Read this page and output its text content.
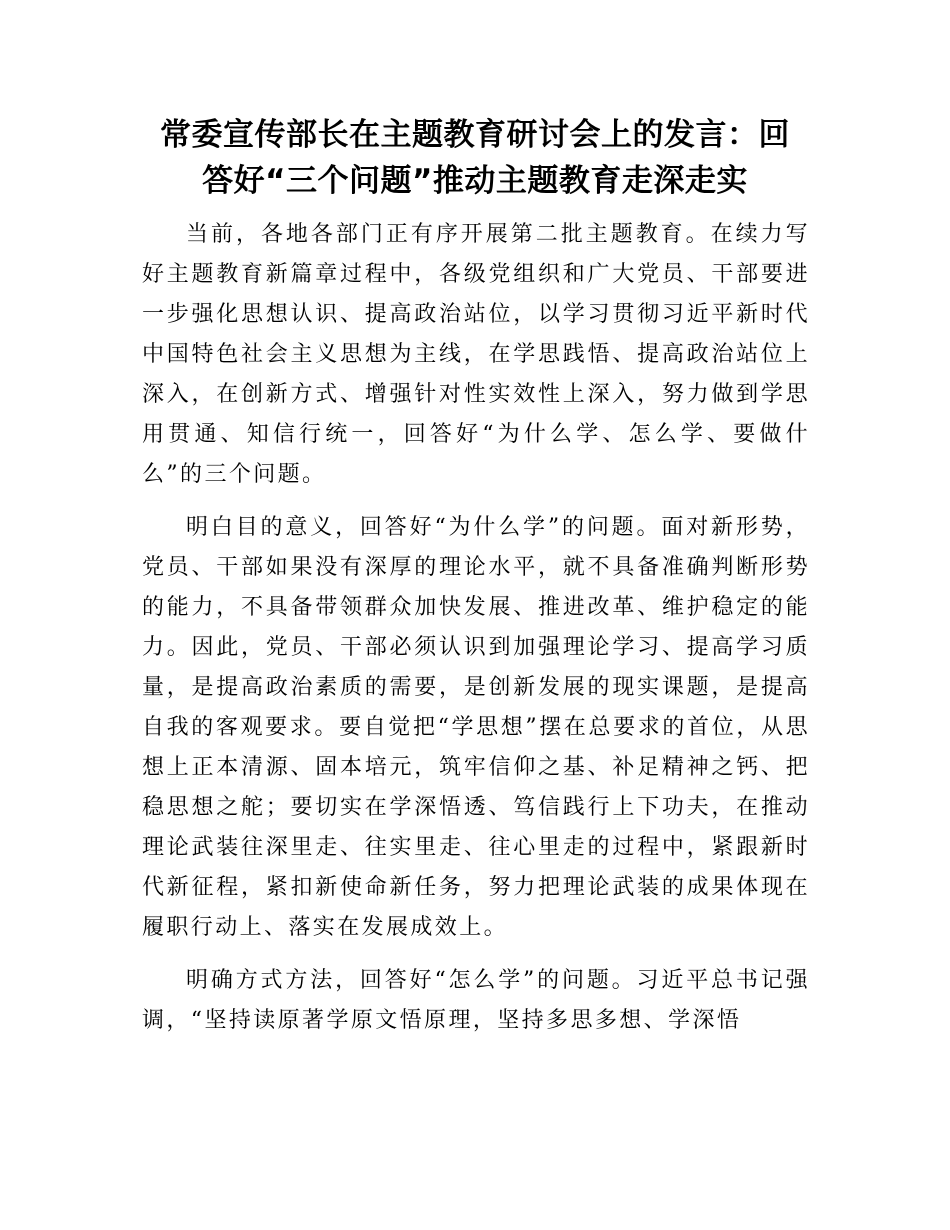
常委宣传部长在主题教育研讨会上的发言：回
答好“三个问题”推动主题教育走深走实

当前，各地各部门正有序开展第二批主题教育。在续力写好主题教育新篇章过程中，各级党组织和广大党员、干部要进一步强化思想认识、提高政治站位，以学习贯彻习近平新时代中国特色社会主义思想为主线，在学思践悟、提高政治站位上深入，在创新方式、增强针对性实效性上深入，努力做到学思用贯通、知信行统一，回答好“为什么学、怎么学、要做什么”的三个问题。

明白目的意义，回答好“为什么学”的问题。面对新形势，党员、干部如果没有深厚的理论水平，就不具备准确判断形势的能力，不具备带领群众加快发展、推进改革、维护稳定的能力。因此，党员、干部必须认识到加强理论学习、提高学习质量，是提高政治素质的需要，是创新发展的现实课题，是提高自我的客观要求。要自觉把“学思想”摆在总要求的首位，从思想上正本清源、固本培元，筑牢信仰之基、补足精神之钙、把稳思想之舵；要切实在学深悟透、笃信践行上下功夫，在推动理论武装往深里走、往实里走、往心里走的过程中，紧跟新时代新征程，紧扣新使命新任务，努力把理论武装的成果体现在履职行动上、落实在发展成效上。

明确方式方法，回答好“怎么学”的问题。习近平总书记强调，“坚持读原著学原文悟原理，坚持多思多想、学深悟
